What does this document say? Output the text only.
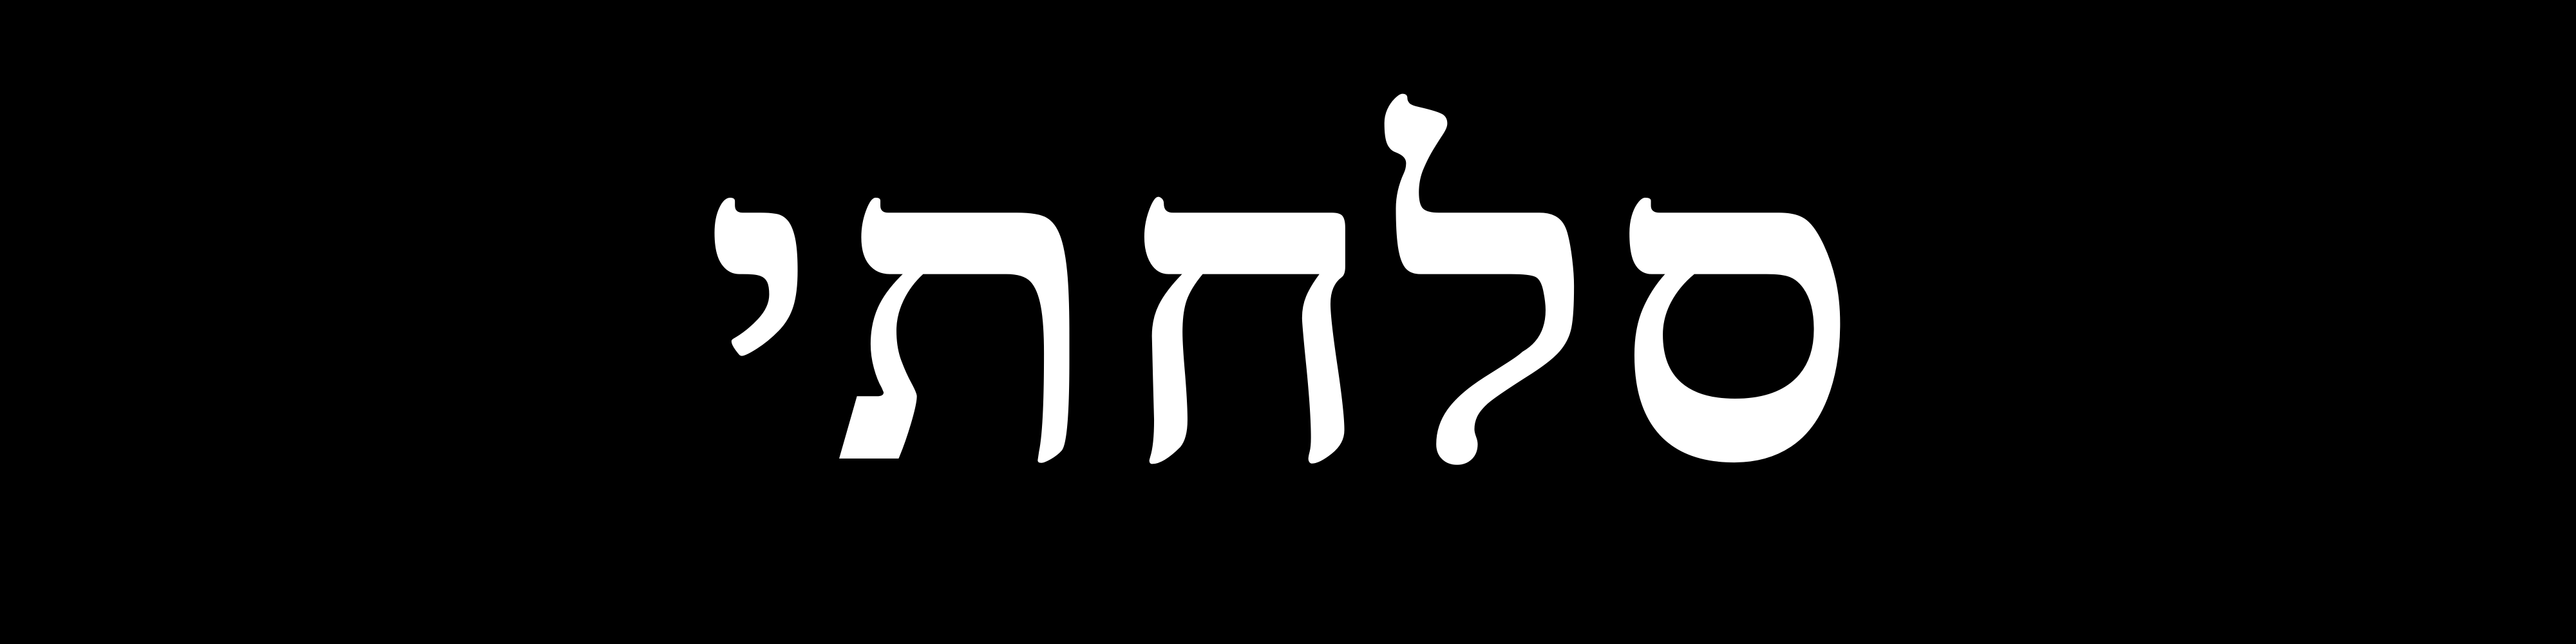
סלחתי
